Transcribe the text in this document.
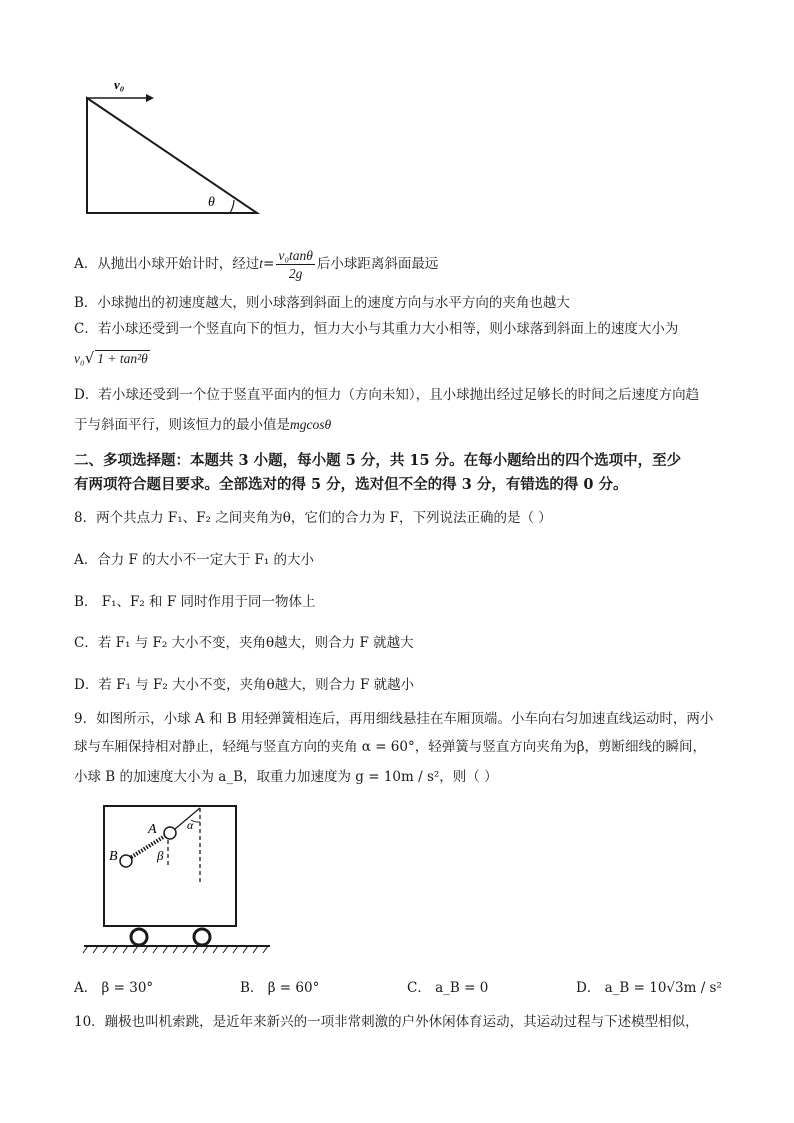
v₀
θ
A．从抛出小球开始计时，经过$t= \frac{\text{v₀tanθ}}{2g}$ 后小球距离斜面最远
B．小球抛出的初速度越大，则小球落到斜面上的速度方向与水平方向的夹角也越大
C．若小球还受到一个竖直向下的恒力，恒力大小与其重力大小相等，则小球落到斜面上的速度大小为
v₀√ 1 + tan²θ
D．若小球还受到一个位于竖直平面内的恒力（方向未知），且小球抛出经过足够长的时间之后速度方向趋
于与斜面平行，则该恒力的最小值是mgcosθ
二、多项选择题：本题共 3 小题，每小题 5 分，共 15 分。在每小题给出的四个选项中，至少
有两项符合题目要求。全部选对的得 5 分，选对但不全的得 3 分，有错选的得 0 分。
8．两个共点力 F₁、F₂ 之间夹角为θ，它们的合力为 F，下列说法正确的是（ ）
A．合力 F 的大小不一定大于 F₁ 的大小
B． F₁、F₂ 和 F 同时作用于同一物体上
C．若 F₁ 与 F₂ 大小不变，夹角θ越大，则合力 F 就越大
D．若 F₁ 与 F₂ 大小不变，夹角θ越大，则合力 F 就越小
9．如图所示，小球 A 和 B 用轻弹簧相连后，再用细线悬挂在车厢顶端。小车向右匀加速直线运动时，两小
球与车厢保持相对静止，轻绳与竖直方向的夹角 α = 60°，轻弹簧与竖直方向夹角为β，剪断细线的瞬间，
小球 B 的加速度大小为 a_B，取重力加速度为 g = 10m / s²，则（ ）
A
B
α
β
A． β = 30°	B． β = 60°	C． a_B = 0	D． a_B = 10√3m / s²
10．蹦极也叫机索跳，是近年来新兴的一项非常刺激的户外休闲体育运动，其运动过程与下述模型相似，
